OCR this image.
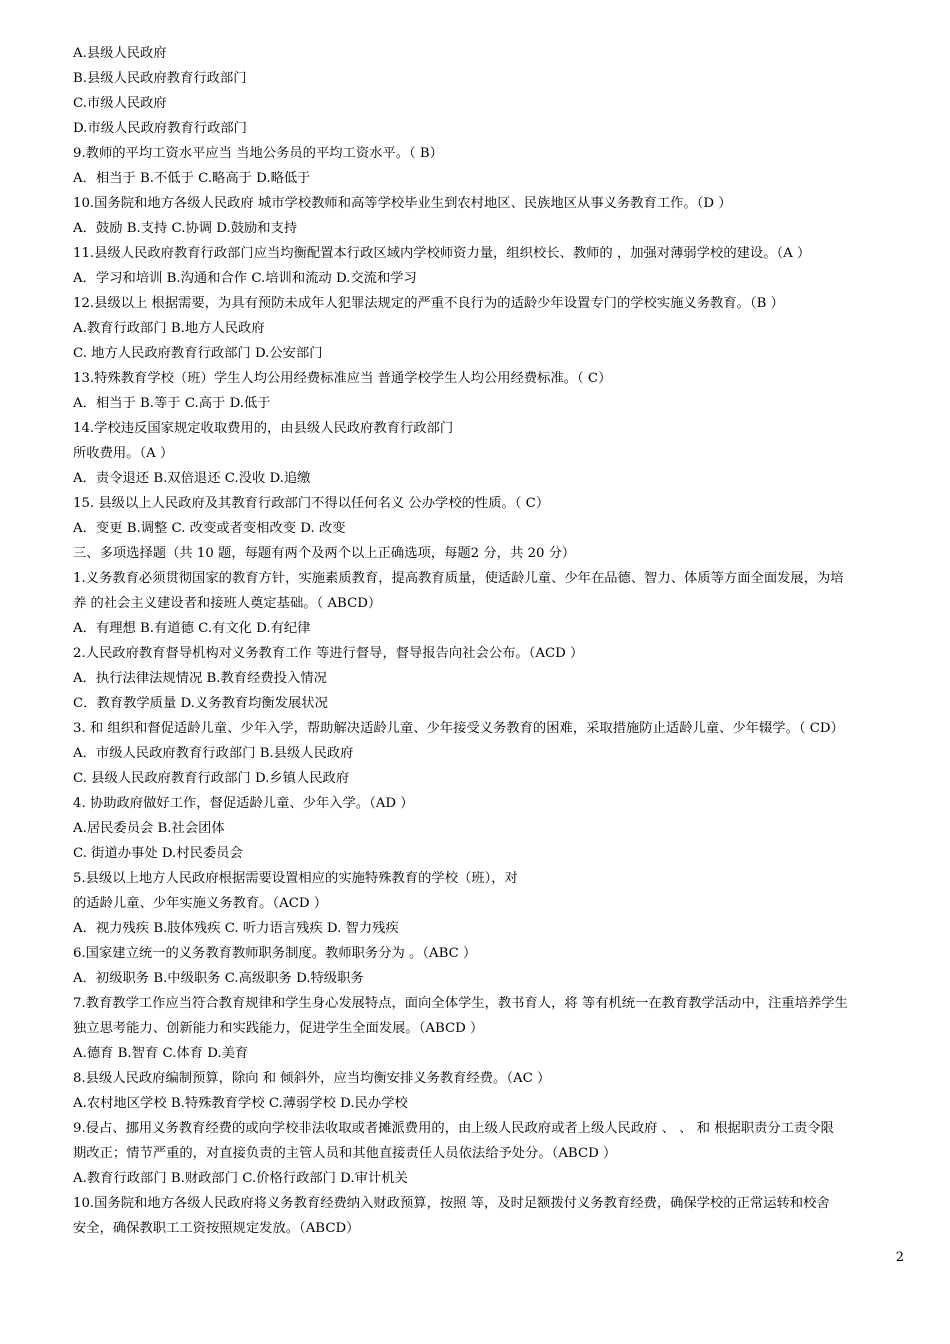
A.县级人民政府
B.县级人民政府教育行政部门
C.市级人民政府
D.市级人民政府教育行政部门
9.教师的平均工资水平应当 当地公务员的平均工资水平。（ B）
A．相当于 B.不低于 C.略高于 D.略低于
10.国务院和地方各级人民政府 城市学校教师和高等学校毕业生到农村地区、民族地区从事义务教育工作。（D ）
A．鼓励 B.支持 C.协调 D.鼓励和支持
11.县级人民政府教育行政部门应当均衡配置本行政区域内学校师资力量，组织校长、教师的 ，加强对薄弱学校的建设。（A ）
A．学习和培训 B.沟通和合作 C.培训和流动 D.交流和学习
12.县级以上 根据需要，为具有预防未成年人犯罪法规定的严重不良行为的适龄少年设置专门的学校实施义务教育。（B ）
A.教育行政部门 B.地方人民政府
C. 地方人民政府教育行政部门 D.公安部门
13.特殊教育学校（班）学生人均公用经费标准应当 普通学校学生人均公用经费标准。（ C）
A．相当于 B.等于 C.高于 D.低于
14.学校违反国家规定收取费用的，由县级人民政府教育行政部门
所收费用。（A ）
A．责令退还 B.双倍退还 C.没收 D.追缴
15. 县级以上人民政府及其教育行政部门不得以任何名义 公办学校的性质。（ C）
A．变更 B.调整 C. 改变或者变相改变 D. 改变
三、多项选择题（共 10 题，每题有两个及两个以上正确选项，每题2 分，共 20 分）
1.义务教育必须贯彻国家的教育方针，实施素质教育，提高教育质量，使适龄儿童、少年在品德、智力、体质等方面全面发展，为培
养 的社会主义建设者和接班人奠定基础。（ ABCD）
A．有理想 B.有道德 C.有文化 D.有纪律
2.人民政府教育督导机构对义务教育工作 等进行督导，督导报告向社会公布。（ACD ）
A．执行法律法规情况 B.教育经费投入情况
C．教育教学质量 D.义务教育均衡发展状况
3. 和 组织和督促适龄儿童、少年入学，帮助解决适龄儿童、少年接受义务教育的困难，采取措施防止适龄儿童、少年辍学。（ CD）
A．市级人民政府教育行政部门 B.县级人民政府
C. 县级人民政府教育行政部门 D.乡镇人民政府
4. 协助政府做好工作，督促适龄儿童、少年入学。（AD ）
A.居民委员会 B.社会团体
C. 街道办事处 D.村民委员会
5.县级以上地方人民政府根据需要设置相应的实施特殊教育的学校（班），对
的适龄儿童、少年实施义务教育。（ACD ）
A．视力残疾 B.肢体残疾 C. 听力语言残疾 D. 智力残疾
6.国家建立统一的义务教育教师职务制度。教师职务分为 。（ABC ）
A．初级职务 B.中级职务 C.高级职务 D.特级职务
7.教育教学工作应当符合教育规律和学生身心发展特点，面向全体学生，教书育人，将 等有机统一在教育教学活动中，注重培养学生
独立思考能力、创新能力和实践能力，促进学生全面发展。（ABCD ）
A.德育 B.智育 C.体育 D.美育
8.县级人民政府编制预算，除向 和 倾斜外，应当均衡安排义务教育经费。（AC ）
A.农村地区学校 B.特殊教育学校 C.薄弱学校 D.民办学校
9.侵占、挪用义务教育经费的或向学校非法收取或者摊派费用的，由上级人民政府或者上级人民政府 、 、 和 根据职责分工责令限
期改正；情节严重的，对直接负责的主管人员和其他直接责任人员依法给予处分。（ABCD ）
A.教育行政部门 B.财政部门 C.价格行政部门 D.审计机关
10.国务院和地方各级人民政府将义务教育经费纳入财政预算，按照 等，及时足额拨付义务教育经费，确保学校的正常运转和校舍
安全，确保教职工工资按照规定发放。（ABCD）
2
